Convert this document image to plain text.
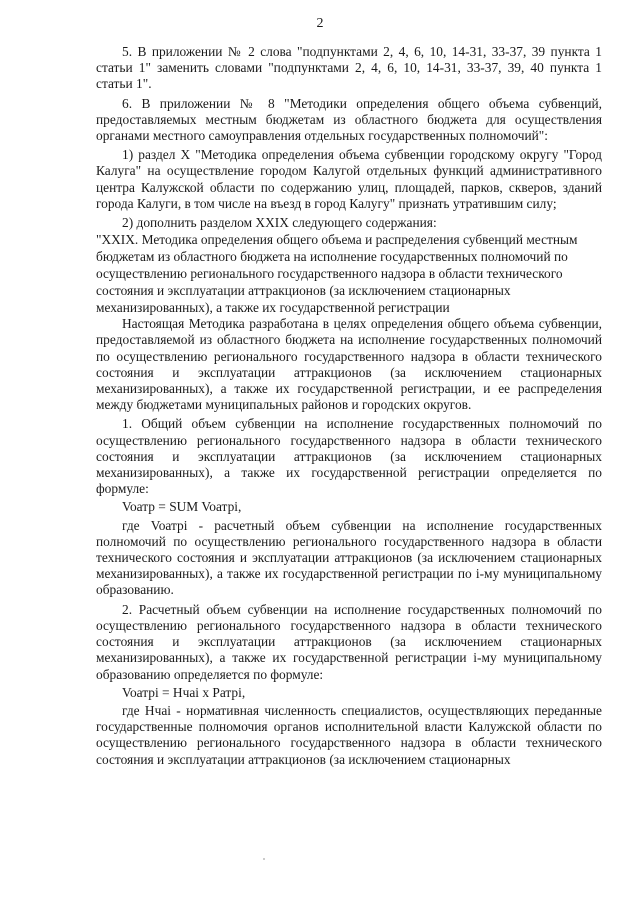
2

5. В приложении № 2 слова "подпунктами 2, 4, 6, 10, 14-31, 33-37, 39 пункта 1 статьи 1" заменить словами "подпунктами 2, 4, 6, 10, 14-31, 33-37, 39, 40 пункта 1 статьи 1".

6. В приложении № 8 "Методики определения общего объема субвенций, предоставляемых местным бюджетам из областного бюджета для осуществления органами местного самоуправления отдельных государственных полномочий":

1) раздел X "Методика определения объема субвенции городскому округу "Город Калуга" на осуществление городом Калугой отдельных функций административного центра Калужской области по содержанию улиц, площадей, парков, скверов, зданий города Калуги, в том числе на въезд в город Калугу" признать утратившим силу;

2) дополнить разделом XXIX следующего содержания:

"XXIX. Методика определения общего объема и распределения субвенций местным
бюджетам из областного бюджета на исполнение государственных полномочий по
осуществлению регионального государственного надзора в области технического
состояния и эксплуатации аттракционов (за исключением стационарных
механизированных), а также их государственной регистрации

Настоящая Методика разработана в целях определения общего объема субвенции, предоставляемой из областного бюджета на исполнение государственных полномочий по осуществлению регионального государственного надзора в области технического состояния и эксплуатации аттракционов (за исключением стационарных механизированных), а также их государственной регистрации, и ее распределения между бюджетами муниципальных районов и городских округов.

1. Общий объем субвенции на исполнение государственных полномочий по осуществлению регионального государственного надзора в области технического состояния и эксплуатации аттракционов (за исключением стационарных механизированных), а также их государственной регистрации определяется по формуле:

Voатр = SUM Voатрi,

где Voатрi - расчетный объем субвенции на исполнение государственных полномочий по осуществлению регионального государственного надзора в области технического состояния и эксплуатации аттракционов (за исключением стационарных механизированных), а также их государственной регистрации по i-му муниципальному образованию.

2. Расчетный объем субвенции на исполнение государственных полномочий по осуществлению регионального государственного надзора в области технического состояния и эксплуатации аттракционов (за исключением стационарных механизированных), а также их государственной регистрации i-му муниципальному образованию определяется по формуле:

Voатрi = Нчаi x Ратрi,

где Нчаi - нормативная численность специалистов, осуществляющих переданные государственные полномочия органов исполнительной власти Калужской области по осуществлению регионального государственного надзора в области технического состояния и эксплуатации аттракционов (за исключением стационарных
